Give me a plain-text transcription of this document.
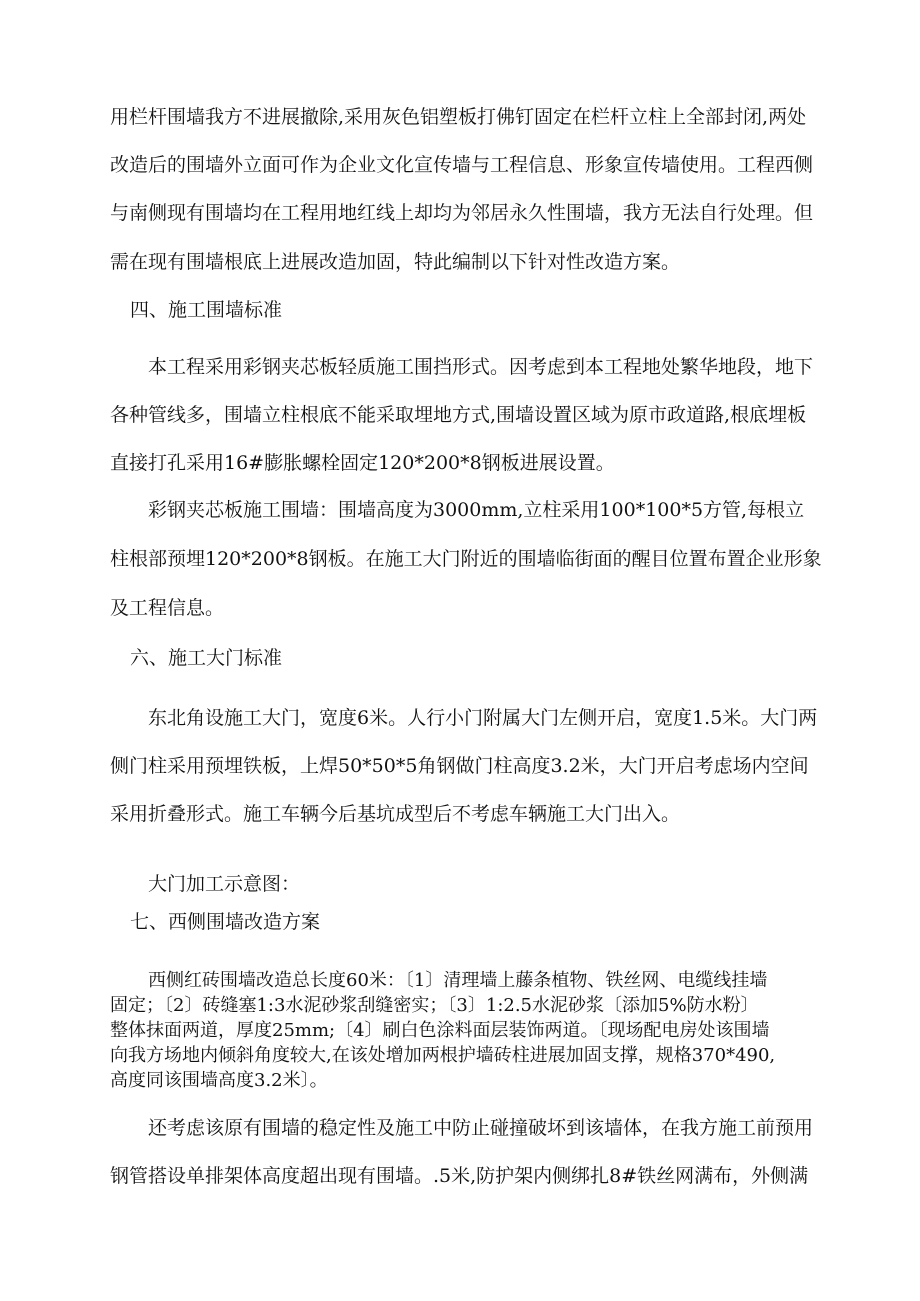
用栏杆围墙我方不进展撤除,采用灰色铝塑板打佛钉固定在栏杆立柱上全部封闭,两处
改造后的围墙外立面可作为企业文化宣传墙与工程信息、形象宣传墙使用。工程西侧
与南侧现有围墙均在工程用地红线上却均为邻居永久性围墙，我方无法自行处理。但
需在现有围墙根底上进展改造加固，特此编制以下针对性改造方案。
四、施工围墙标准
本工程采用彩钢夹芯板轻质施工围挡形式。因考虑到本工程地处繁华地段，地下
各种管线多，围墙立柱根底不能采取埋地方式,围墙设置区域为原市政道路,根底埋板
直接打孔采用16#膨胀螺栓固定120*200*8钢板进展设置。
彩钢夹芯板施工围墙：围墙高度为3000mm,立柱采用100*100*5方管,每根立
柱根部预埋120*200*8钢板。在施工大门附近的围墙临街面的醒目位置布置企业形象
及工程信息。
六、施工大门标准
东北角设施工大门，宽度6米。人行小门附属大门左侧开启，宽度1.5米。大门两
侧门柱采用预埋铁板，上焊50*50*5角钢做门柱高度3.2米，大门开启考虑场内空间
采用折叠形式。施工车辆今后基坑成型后不考虑车辆施工大门出入。
大门加工示意图：
七、西侧围墙改造方案
西侧红砖围墙改造总长度60米：〔1〕清理墙上藤条植物、铁丝网、电缆线挂墙
固定；〔2〕砖缝塞1:3水泥砂浆刮缝密实；〔3〕1:2.5水泥砂浆〔添加5%防水粉〕
整体抹面两道，厚度25mm;〔4〕刷白色涂料面层装饰两道。〔现场配电房处该围墙
向我方场地内倾斜角度较大,在该处增加两根护墙砖柱进展加固支撑，规格370*490,
高度同该围墙高度3.2米〕。
还考虑该原有围墙的稳定性及施工中防止碰撞破坏到该墙体，在我方施工前预用
钢管搭设单排架体高度超出现有围墙。.5米,防护架内侧绑扎8#铁丝网满布，外侧满
